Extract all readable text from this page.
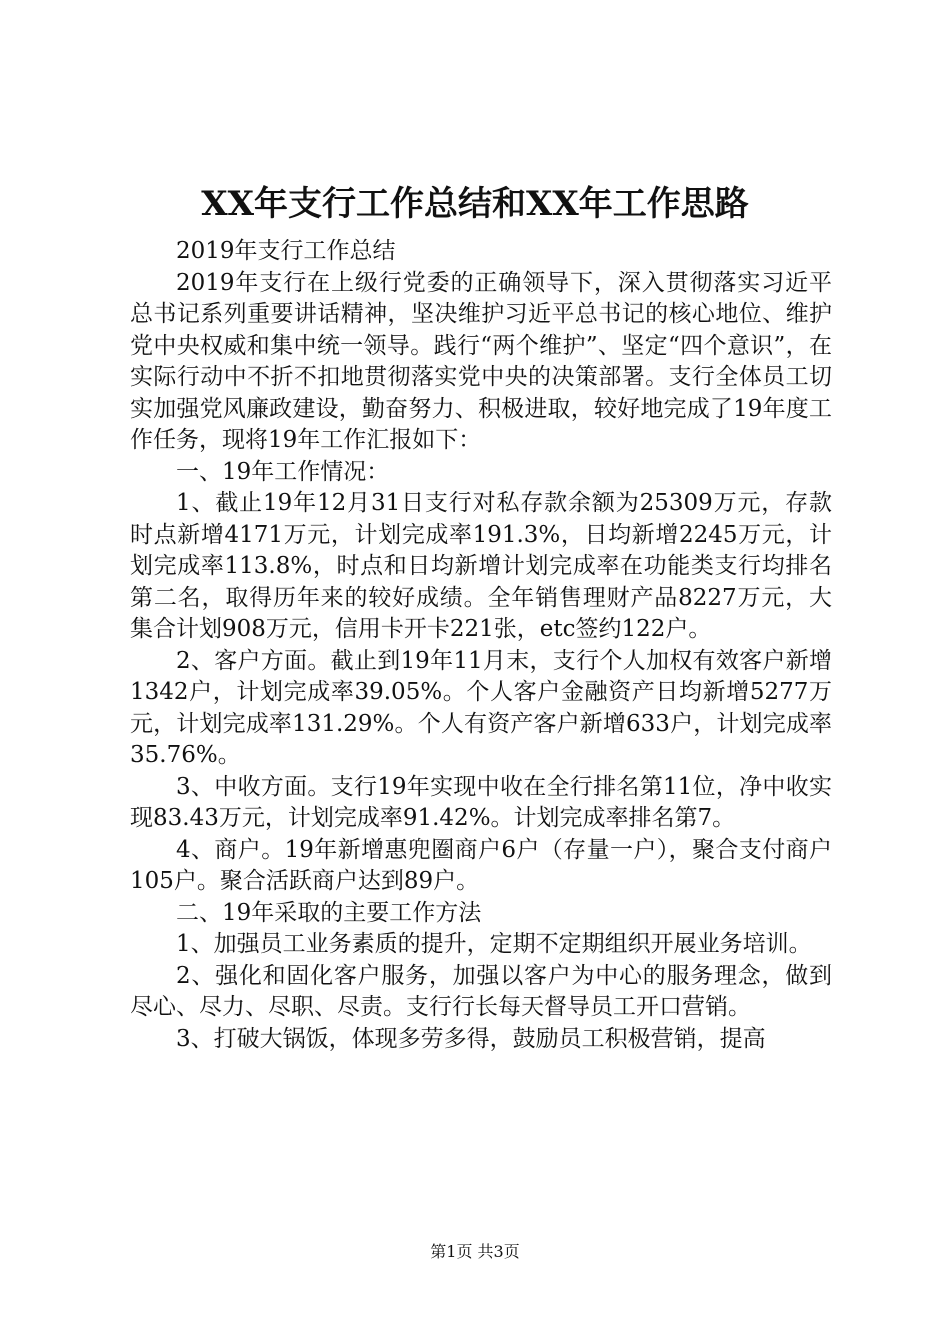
XX年支行工作总结和XX年工作思路

2019年支行工作总结

2019年支行在上级行党委的正确领导下，深入贯彻落实习近平总书记系列重要讲话精神，坚决维护习近平总书记的核心地位、维护党中央权威和集中统一领导。践行“两个维护”、坚定“四个意识”，在实际行动中不折不扣地贯彻落实党中央的决策部署。支行全体员工切实加强党风廉政建设，勤奋努力、积极进取，较好地完成了19年度工作任务，现将19年工作汇报如下：

一、19年工作情况：

1、截止19年12月31日支行对私存款余额为25309万元，存款时点新增4171万元，计划完成率191.3%，日均新增2245万元，计划完成率113.8%，时点和日均新增计划完成率在功能类支行均排名第二名，取得历年来的较好成绩。全年销售理财产品8227万元，大集合计划908万元，信用卡开卡221张，etc签约122户。

2、客户方面。截止到19年11月末，支行个人加权有效客户新增1342户，计划完成率39.05%。个人客户金融资产日均新增5277万元，计划完成率131.29%。个人有资产客户新增633户，计划完成率35.76%。

3、中收方面。支行19年实现中收在全行排名第11位，净中收实现83.43万元，计划完成率91.42%。计划完成率排名第7。

4、商户。19年新增惠兜圈商户6户（存量一户），聚合支付商户105户。聚合活跃商户达到89户。

二、19年采取的主要工作方法

1、加强员工业务素质的提升，定期不定期组织开展业务培训。

2、强化和固化客户服务，加强以客户为中心的服务理念，做到尽心、尽力、尽职、尽责。支行行长每天督导员工开口营销。

3、打破大锅饭，体现多劳多得，鼓励员工积极营销，提高

第1页 共3页
